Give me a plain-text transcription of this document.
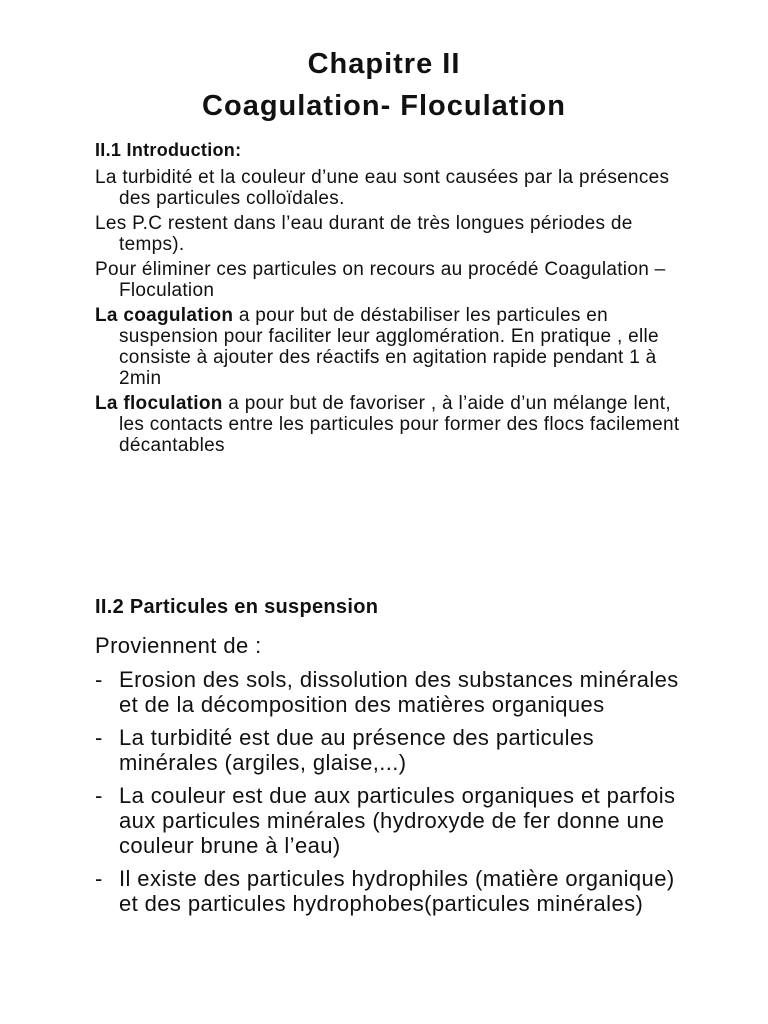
Chapitre II
Coagulation- Floculation
II.1 Introduction:

La turbidité et la couleur d’une eau sont causées par la présences des particules colloïdales.

Les P.C restent dans l’eau durant de très longues périodes de temps).

Pour éliminer ces particules on recours au procédé Coagulation –Floculation

La coagulation a pour but de déstabiliser les particules en suspension pour faciliter leur agglomération. En pratique , elle consiste à ajouter des réactifs en agitation rapide pendant 1 à 2min

La floculation a pour but de favoriser , à l’aide d’un mélange lent, les contacts entre les particules pour former des flocs facilement décantables

II.2 Particules en suspension
Proviennent de :
- Erosion des sols, dissolution des substances minérales et de la décomposition des matières organiques
- La turbidité est due au présence des particules minérales (argiles, glaise,...)
- La couleur est due aux particules organiques et parfois aux particules minérales (hydroxyde de fer donne une couleur brune à l’eau)
- Il existe des particules hydrophiles (matière organique) et des particules hydrophobes(particules minérales)
